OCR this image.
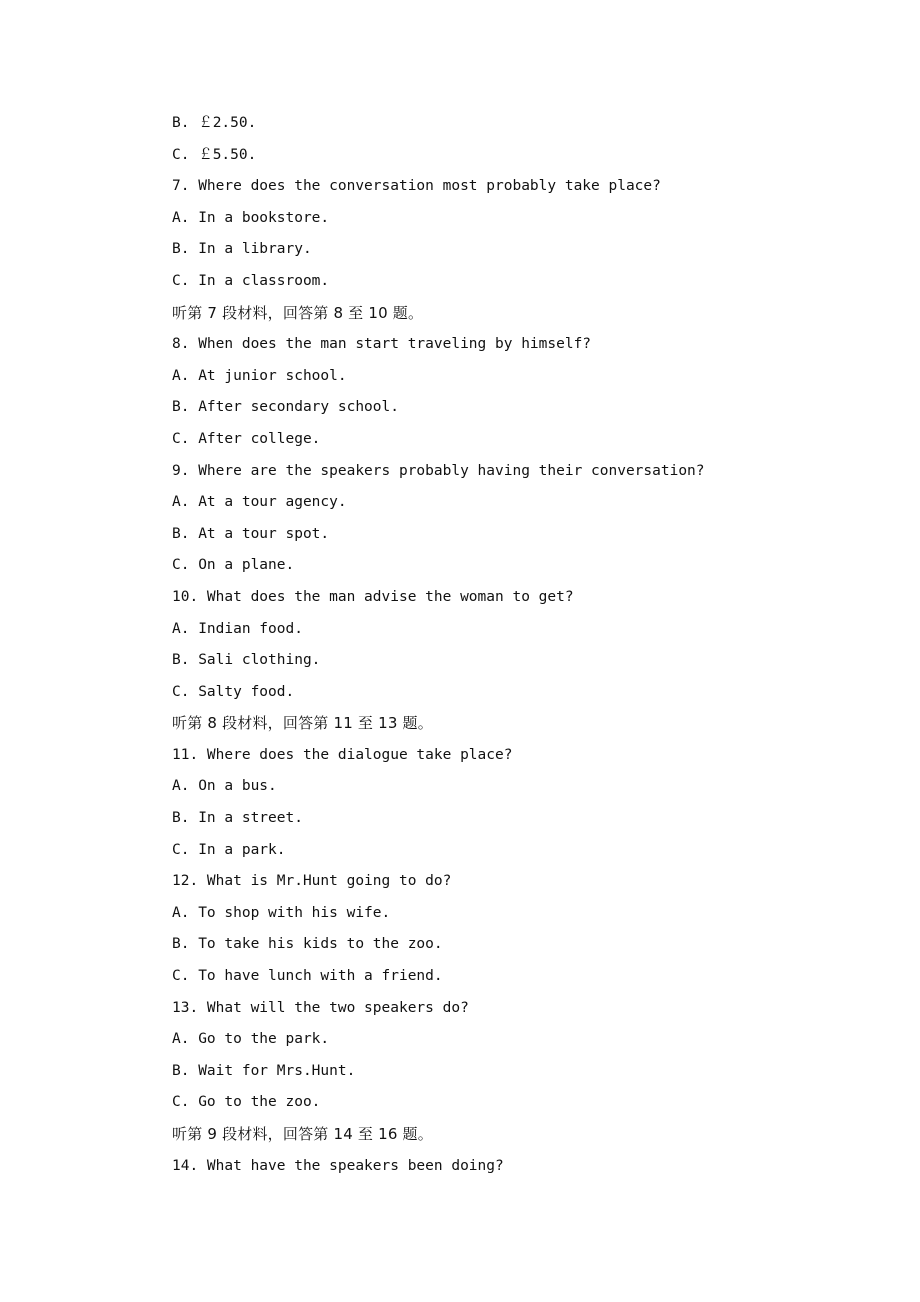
B. ￡2.50.
C. ￡5.50.
7. Where does the conversation most probably take place?
A. In a bookstore.
B. In a library.
C. In a classroom.
听第 7 段材料，回答第 8 至 10 题。
8. When does the man start traveling by himself?
A. At junior school.
B. After secondary school.
C. After college.
9. Where are the speakers probably having their conversation?
A. At a tour agency.
B. At a tour spot.
C. On a plane.
10. What does the man advise the woman to get?
A. Indian food.
B. Sali clothing.
C. Salty food.
听第 8 段材料，回答第 11 至 13 题。
11. Where does the dialogue take place?
A. On a bus.
B. In a street.
C. In a park.
12. What is Mr.Hunt going to do?
A. To shop with his wife.
B. To take his kids to the zoo.
C. To have lunch with a friend.
13. What will the two speakers do?
A. Go to the park.
B. Wait for Mrs.Hunt.
C. Go to the zoo.
听第 9 段材料，回答第 14 至 16 题。
14. What have the speakers been doing?
